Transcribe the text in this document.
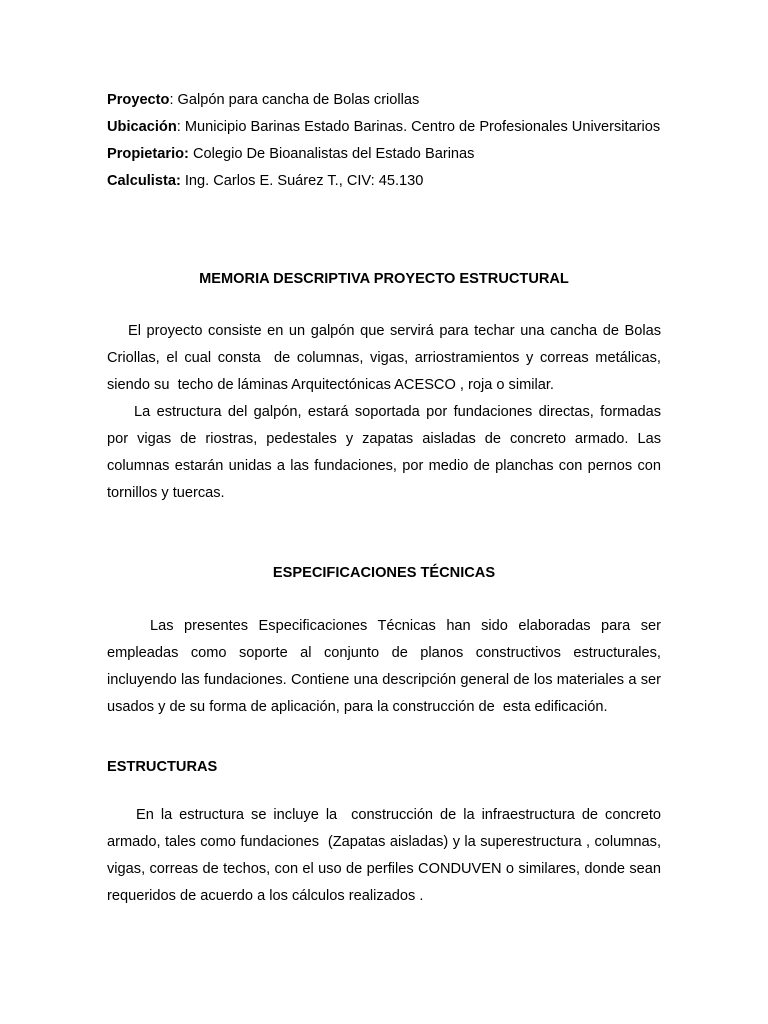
Proyecto: Galpón para cancha de Bolas criollas

Ubicación: Municipio Barinas Estado Barinas. Centro de Profesionales Universitarios

Propietario: Colegio De Bioanalistas del Estado Barinas

Calculista: Ing. Carlos E. Suárez T., CIV: 45.130

MEMORIA DESCRIPTIVA PROYECTO ESTRUCTURAL

El proyecto consiste en un galpón que servirá para techar una cancha de Bolas Criollas, el cual consta  de columnas, vigas, arriostramientos y correas metálicas, siendo su  techo de láminas Arquitectónicas ACESCO , roja o similar.

La estructura del galpón, estará soportada por fundaciones directas, formadas por vigas de riostras, pedestales y zapatas aisladas de concreto armado. Las columnas estarán unidas a las fundaciones, por medio de planchas con pernos con tornillos y tuercas.

ESPECIFICACIONES TÉCNICAS

Las presentes Especificaciones Técnicas han sido elaboradas para ser empleadas como soporte al conjunto de planos constructivos estructurales, incluyendo las fundaciones. Contiene una descripción general de los materiales a ser usados y de su forma de aplicación, para la construcción de  esta edificación.

ESTRUCTURAS

En la estructura se incluye la  construcción de la infraestructura de concreto armado, tales como fundaciones  (Zapatas aisladas) y la superestructura , columnas, vigas, correas de techos, con el uso de perfiles CONDUVEN o similares, donde sean requeridos de acuerdo a los cálculos realizados .
